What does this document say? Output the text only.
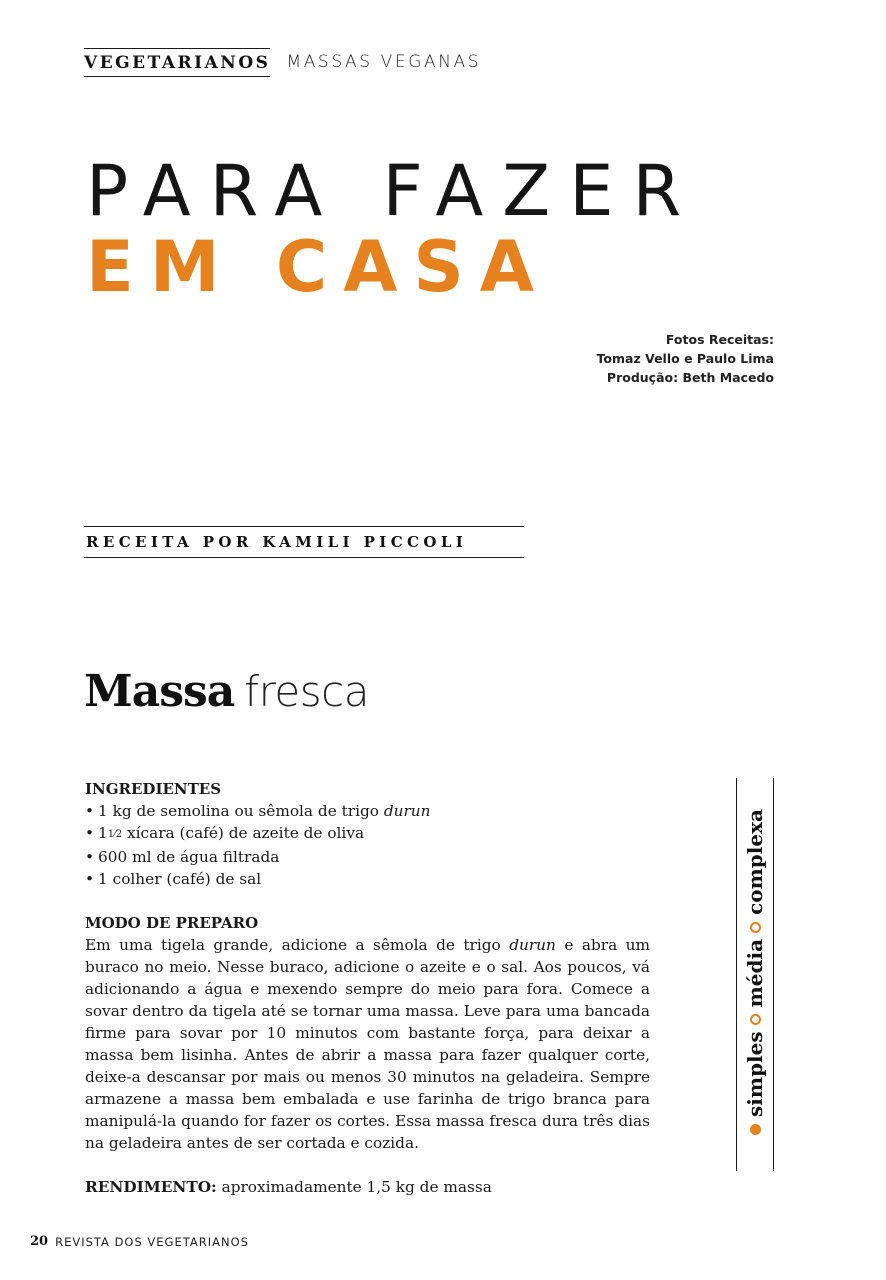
VEGETARIANOS MASSAS VEGANAS
PARA FAZER
EM CASA
Fotos Receitas:
Tomaz Vello e Paulo Lima
Produção: Beth Macedo
RECEITA POR KAMILI PICCOLI
Massa fresca
INGREDIENTES
• 1 kg de semolina ou sêmola de trigo durun
• 11⁄2 xícara (café) de azeite de oliva
• 600 ml de água filtrada
• 1 colher (café) de sal
MODO DE PREPARO

Em uma tigela grande, adicione a sêmola de trigo durun e abra um buraco no meio. Nesse buraco, adicione o azeite e o sal. Aos poucos, vá adicionando a água e mexendo sempre do meio para fora. Comece a sovar dentro da tigela até se tornar uma massa. Leve para uma bancada firme para sovar por 10 minutos com bastante força, para deixar a massa bem lisinha. Antes de abrir a massa para fazer qualquer corte, deixe-a descansar por mais ou menos 30 minutos na geladeira. Sempre armazene a massa bem embalada e use farinha de trigo branca para manipulá-la quando for fazer os cortes. Essa massa fresca dura três dias na geladeira antes de ser cortada e cozida.

RENDIMENTO: aproximadamente 1,5 kg de massa
simples
média
complexa
20 REVISTA DOS VEGETARIANOS
